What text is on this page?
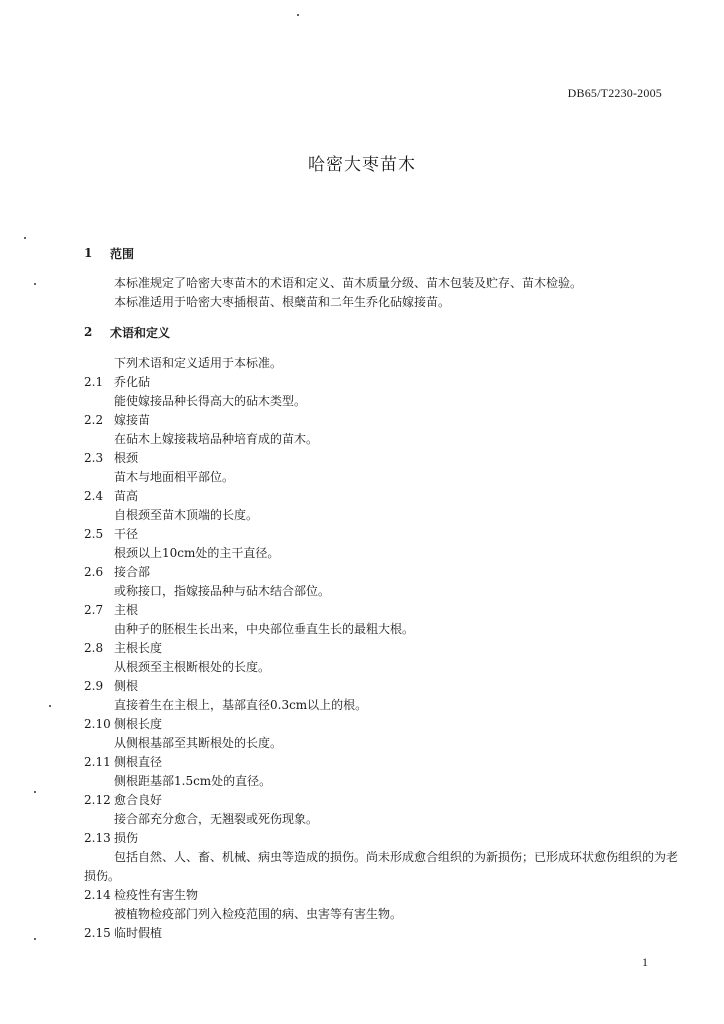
DB65/T2230-2005
哈密大枣苗木
1	范围
本标准规定了哈密大枣苗木的术语和定义、苗木质量分级、苗木包装及贮存、苗木检验。
本标准适用于哈密大枣插根苗、根蘖苗和二年生乔化砧嫁接苗。
2	术语和定义
下列术语和定义适用于本标准。
2.1 乔化砧
能使嫁接品种长得高大的砧木类型。
2.2 嫁接苗
在砧木上嫁接栽培品种培育成的苗木。
2.3 根颈
苗木与地面相平部位。
2.4 苗高
自根颈至苗木顶端的长度。
2.5 干径
根颈以上10cm处的主干直径。
2.6 接合部
或称接口，指嫁接品种与砧木结合部位。
2.7 主根
由种子的胚根生长出来，中央部位垂直生长的最粗大根。
2.8 主根长度
从根颈至主根断根处的长度。
2.9 侧根
直接着生在主根上，基部直径0.3cm以上的根。
2.10 侧根长度
从侧根基部至其断根处的长度。
2.11 侧根直径
侧根距基部1.5cm处的直径。
2.12 愈合良好
接合部充分愈合，无翘裂或死伤现象。
2.13 损伤
包括自然、人、畜、机械、病虫等造成的损伤。尚未形成愈合组织的为新损伤；已形成环状愈伤组织的为老损伤。
2.14 检疫性有害生物
被植物检疫部门列入检疫范围的病、虫害等有害生物。
2.15 临时假植
1
